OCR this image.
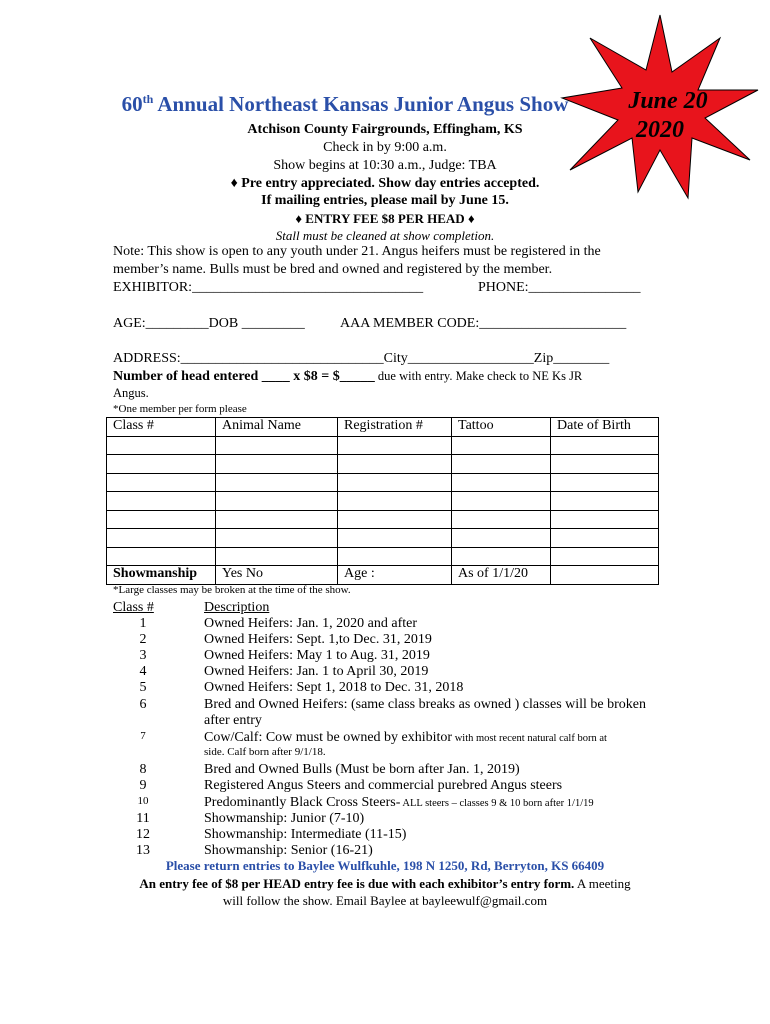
June 20
2020
60th Annual Northeast Kansas Junior Angus Show
Atchison County Fairgrounds, Effingham, KS
Check in by 9:00 a.m.
Show begins at 10:30 a.m., Judge: TBA
♦ Pre entry appreciated. Show day entries accepted.
If mailing entries, please mail by June 15.
♦ ENTRY FEE $8 PER HEAD ♦
Stall must be cleaned at show completion.
Note: This show is open to any youth under 21. Angus heifers must be registered in the
member’s name. Bulls must be bred and owned and registered by the member.
EXHIBITOR:_________________________________	PHONE:________________
AGE:_________DOB _________	AAA MEMBER CODE:_____________________
ADDRESS:_____________________________City__________________Zip________
Number of head entered ____ x $8 = $_____ due with entry. Make check to NE Ks JR
Angus.
*One member per form please
Class #	Animal Name	Registration #	Tattoo	Date of Birth

Showmanship	Yes No	Age :	As of 1/1/20	
*Large classes may be broken at the time of the show.
Class #	Description
1	Owned Heifers: Jan. 1, 2020 and after
2	Owned Heifers: Sept. 1,to Dec. 31, 2019
3	Owned Heifers: May 1 to Aug. 31, 2019
4	Owned Heifers: Jan. 1 to April 30, 2019
5	Owned Heifers: Sept 1, 2018 to Dec. 31, 2018
6	Bred and Owned Heifers: (same class breaks as owned ) classes will be broken
after entry
7	Cow/Calf: Cow must be owned by exhibitor with most recent natural calf born at
side. Calf born after 9/1/18.
8	Bred and Owned Bulls (Must be born after Jan. 1, 2019)
9	Registered Angus Steers and commercial purebred Angus steers
10	Predominantly Black Cross Steers- ALL steers – classes 9 & 10 born after 1/1/19
11	Showmanship: Junior (7-10)
12	Showmanship: Intermediate (11-15)
13	Showmanship: Senior (16-21)
Please return entries to Baylee Wulfkuhle, 198 N 1250, Rd, Berryton, KS 66409
An entry fee of $8 per HEAD entry fee is due with each exhibitor’s entry form. A meeting
will follow the show. Email Baylee at bayleewulf@gmail.com
